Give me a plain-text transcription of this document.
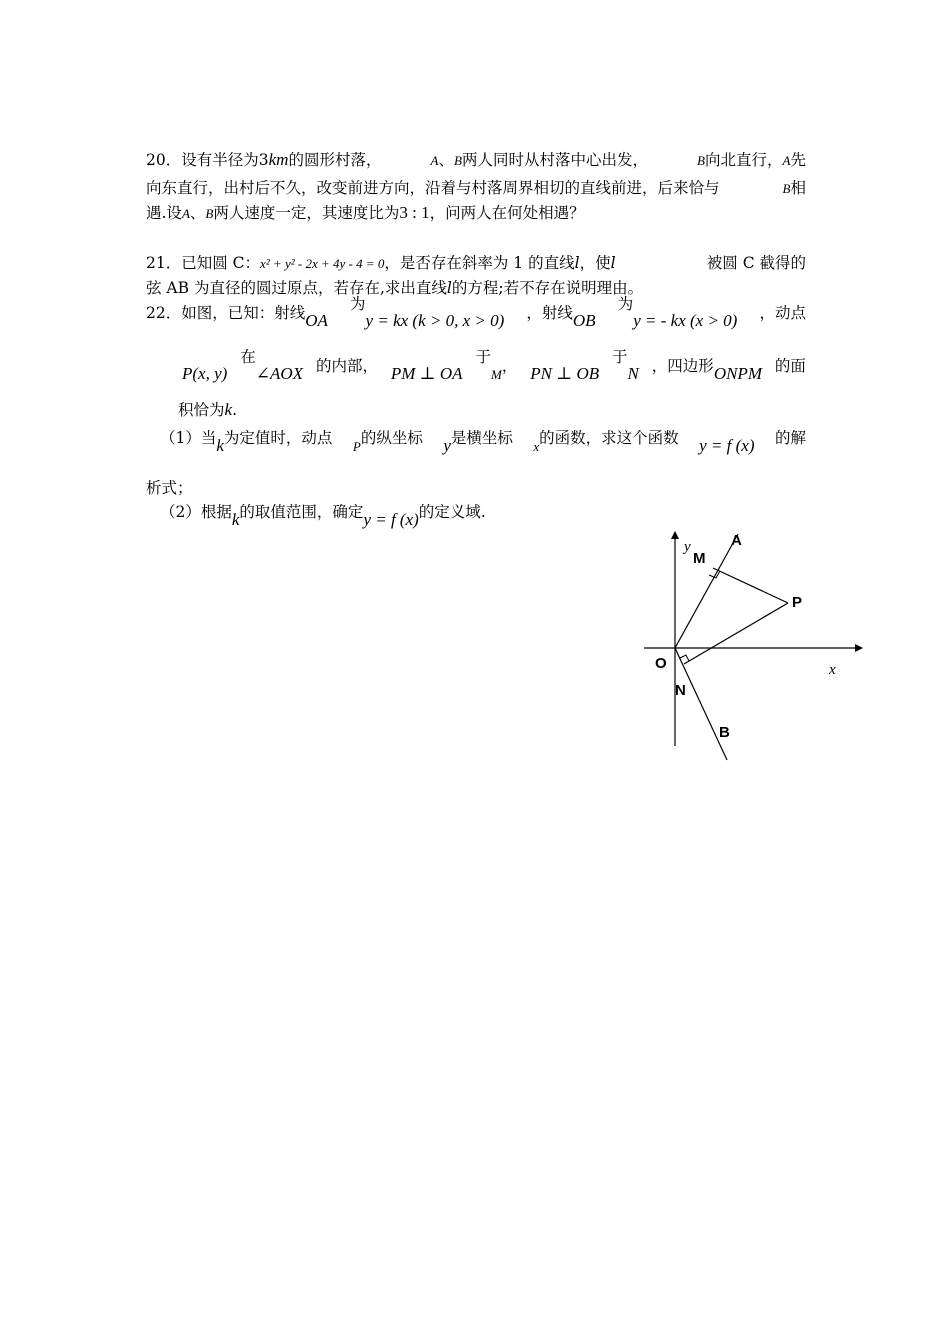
20．设有半径为3km的圆形村落，	A、B两人同时从村落中心出发，	B向北直行，A先
向东直行，出村后不久，改变前进方向，沿着与村落周界相切的直线前进，后来恰与	B相
遇.设A、B两人速度一定，其速度比为3 : 1，问两人在何处相遇？
21．已知圆 C：x² + y² - 2x + 4y - 4 = 0，是否存在斜率为 1 的直线l，使l	被圆 C 截得的
弦 AB 为直径的圆过原点，若存在,求出直线l的方程;若不存在说明理由。
22．如图，已知：射线OA
为y = kx (k > 0, x > 0) ，射线OB
为y = - kx (x > 0) ，动点
P(x, y)
在∠AOX 的内部， PM ⊥ OA
于$_M$， PN ⊥ OB
于N ，四边形ONPM 的面
积恰为k.
（1）当k为定值时，动点 $_P$的纵坐标 y是横坐标 $_x$的函数，求这个函数 y = f (x) 的解
析式；
（2）根据k的取值范围，确定y = f (x)的定义域.
y
M
A
P
O	x
N
B
